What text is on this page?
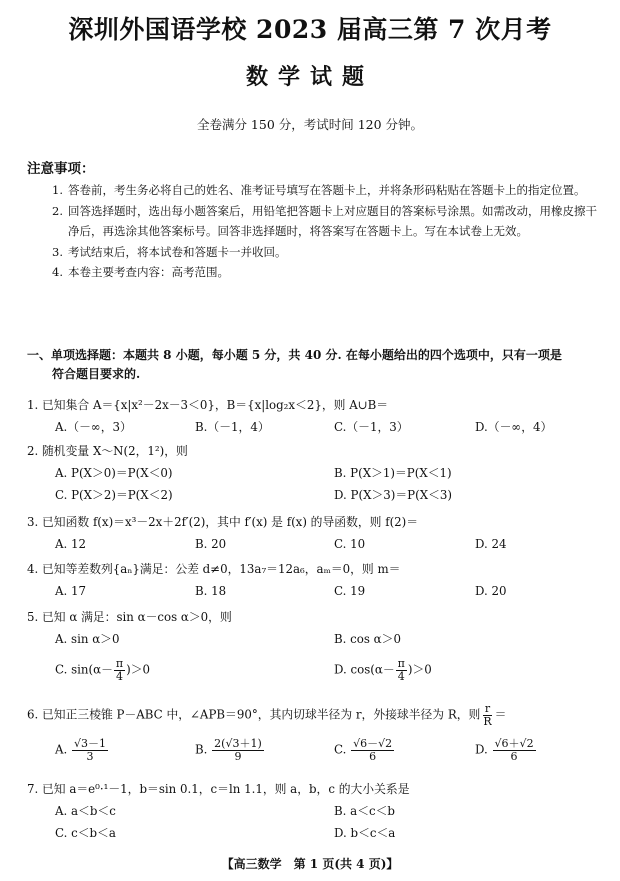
深圳外国语学校 2023 届高三第 7 次月考
数学试题
全卷满分 150 分，考试时间 120 分钟。
注意事项：
1. 答卷前，考生务必将自己的姓名、准考证号填写在答题卡上，并将条形码粘贴在答题卡上的指定位置。
2. 回答选择题时，选出每小题答案后，用铅笔把答题卡上对应题目的答案标号涂黑。如需改动，用橡皮擦干净后，再选涂其他答案标号。回答非选择题时，将答案写在答题卡上。写在本试卷上无效。
3. 考试结束后，将本试卷和答题卡一并收回。
4. 本卷主要考查内容：高考范围。
一、单项选择题：本题共 8 小题，每小题 5 分，共 40 分. 在每小题给出的四个选项中，只有一项是
符合题目要求的.
1. 已知集合 A＝{x|x²－2x－3＜0}，B＝{x|log₂x＜2}，则 A∪B＝
A.（－∞，3）	B.（－1，4）	C.（－1，3）	D.（－∞，4）
2. 随机变量 X～N(2，1²)，则
A. P(X＞0)＝P(X＜0)	B. P(X＞1)＝P(X＜1)
C. P(X＞2)＝P(X＜2)	D. P(X＞3)＝P(X＜3)
3. 已知函数 f(x)＝x³－2x＋2f′(2)，其中 f′(x) 是 f(x) 的导函数，则 f(2)＝
A. 12	B. 20	C. 10	D. 24
4. 已知等差数列{aₙ}满足：公差 d≠0，13a₇＝12a₆，aₘ＝0，则 m＝
A. 17	B. 18	C. 19	D. 20
5. 已知 α 满足：sin α－cos α＞0，则
A. sin α＞0	B. cos α＞0
C. $\sin(\alpha- \frac{\pi}{4} )>0$	D. $\cos(\alpha- \frac{\pi}{4} )>0$
6. 已知正三棱锥 P－ABC 中，∠APB＝90°，其内切球半径为 r，外接球半径为 R，则 $\frac{r}{R}$ ＝
A. $\frac{√3-1}{3}$	B. $\frac{2(√3+1)}{9}$	C. $\frac{√6-√2}{6}$	D. $\frac{√6+√2}{6}$
7. 已知 a＝e⁰·¹－1，b＝sin 0.1，c＝ln 1.1，则 a，b，c 的大小关系是
A. a＜b＜c	B. a＜c＜b
C. c＜b＜a	D. b＜c＜a
【高三数学　第 1 页(共 4 页)】
